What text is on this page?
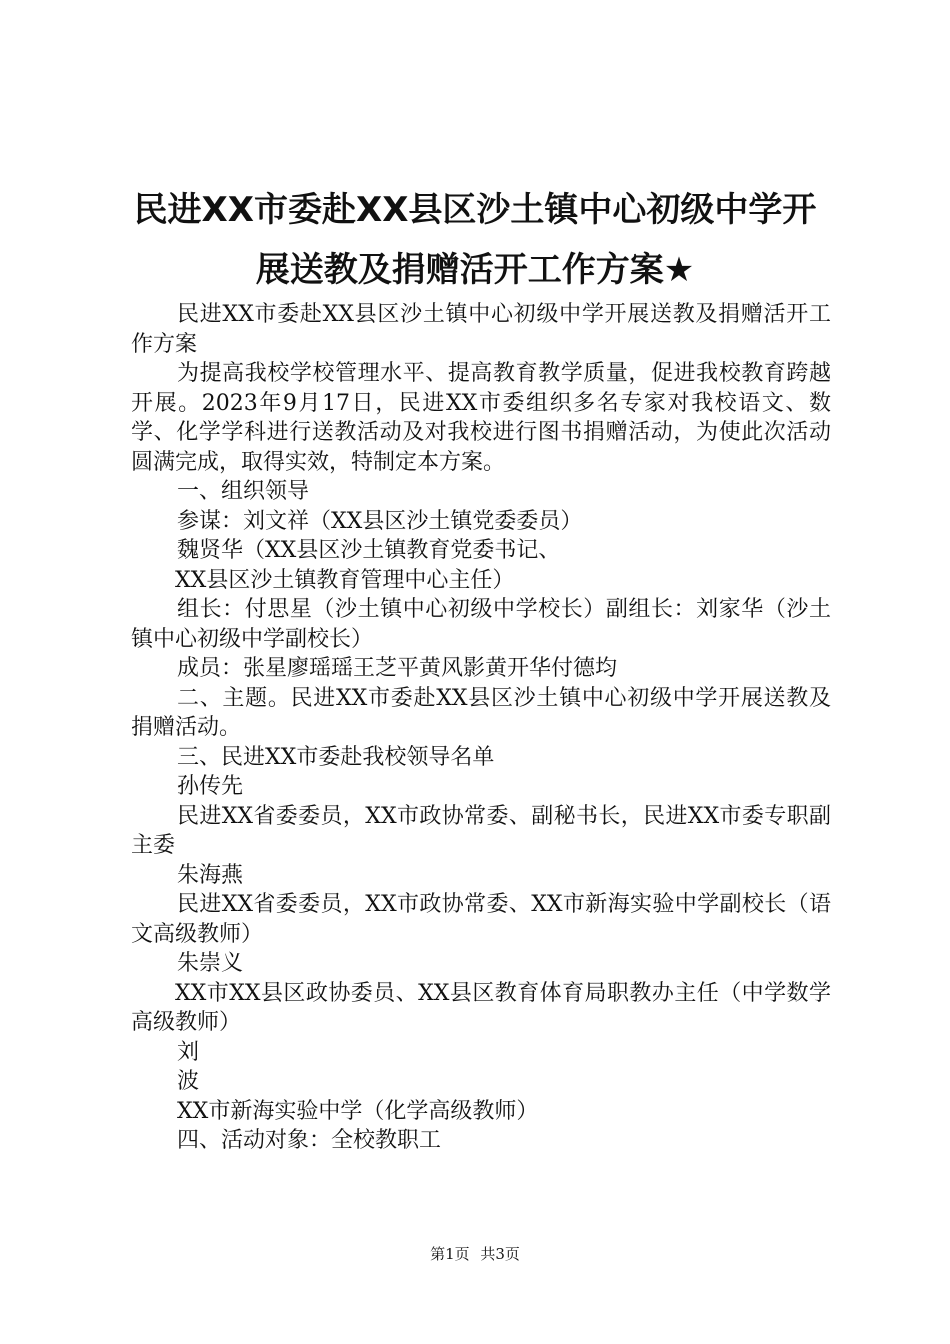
民进XX市委赴XX县区沙土镇中心初级中学开
展送教及捐赠活开工作方案★

民进XX市委赴XX县区沙土镇中心初级中学开展送教及捐赠活开工作方案

为提高我校学校管理水平、提高教育教学质量，促进我校教育跨越开展。2023年9月17日，民进XX市委组织多名专家对我校语文、数学、化学学科进行送教活动及对我校进行图书捐赠活动，为使此次活动圆满完成，取得实效，特制定本方案。

一、组织领导

参谋：刘文祥（XX县区沙土镇党委委员）

魏贤华（XX县区沙土镇教育党委书记、

XX县区沙土镇教育管理中心主任）

组长：付思星（沙土镇中心初级中学校长）副组长：刘家华（沙土镇中心初级中学副校长）

成员：张星廖瑶瑶王芝平黄风影黄开华付德均

二、主题。民进XX市委赴XX县区沙土镇中心初级中学开展送教及捐赠活动。

三、民进XX市委赴我校领导名单

孙传先

民进XX省委委员，XX市政协常委、副秘书长，民进XX市委专职副主委

朱海燕

民进XX省委委员，XX市政协常委、XX市新海实验中学副校长（语文高级教师）

朱崇义

XX市XX县区政协委员、XX县区教育体育局职教办主任（中学数学高级教师）

刘

波

XX市新海实验中学（化学高级教师）

四、活动对象：全校教职工

第1页 共3页
